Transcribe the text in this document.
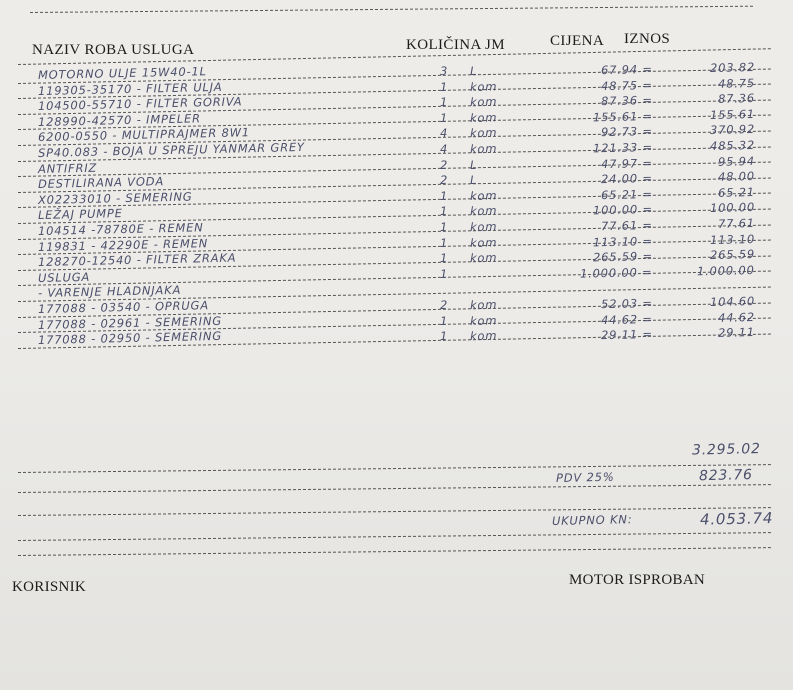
NAZIV ROBA USLUGA	KOLIČINA JM	CIJENA IZNOS
MOTORNO ULJE 15W40-1L	3 L	67.94 =	203.82
119305-35170 - FILTER ULJA	1 kom	48.75 =	48.75
104500-55710 - FILTER GORIVA	1 kom	87.36 =	87.36
128990-42570 - IMPELER	1 kom	155.61 =	155.61
6200-0550 - MULTIPRAJMER 8W1	4 kom	92.73 =	370.92
SP40.083 - BOJA U SPREJU YANMAR GREY	4 kom	121.33 =	485.32
ANTIFRIZ	2 L	47.97 =	95.94
DESTILIRANA VODA	2 L	24.00 =	48.00
X02233010 - SEMERING	1 kom	65.21 =	65.21
LEŽAJ PUMPE	1 kom	100.00 =	100.00
104514 -78780E - REMEN	1 kom	77.61 =	77.61
119831 - 42290E - REMEN	1 kom	113.10 =	113.10
128270-12540 - FILTER ZRAKA	1 kom	265.59 =	265.59
USLUGA	1	1.000.00 =	1.000.00
- VARENJE HLADNJAKA
177088 - 03540 - OPRUGA	2 kom	52.03 =	104.60
177088 - 02961 - SEMERING	1 kom	44.62 =	44.62
177088 - 02950 - SEMERING	1 kom	29.11 =	29.11
3.295.02
PDV 25%	823.76
UKUPNO KN:	4.053.74
KORISNIK	MOTOR ISPROBAN
